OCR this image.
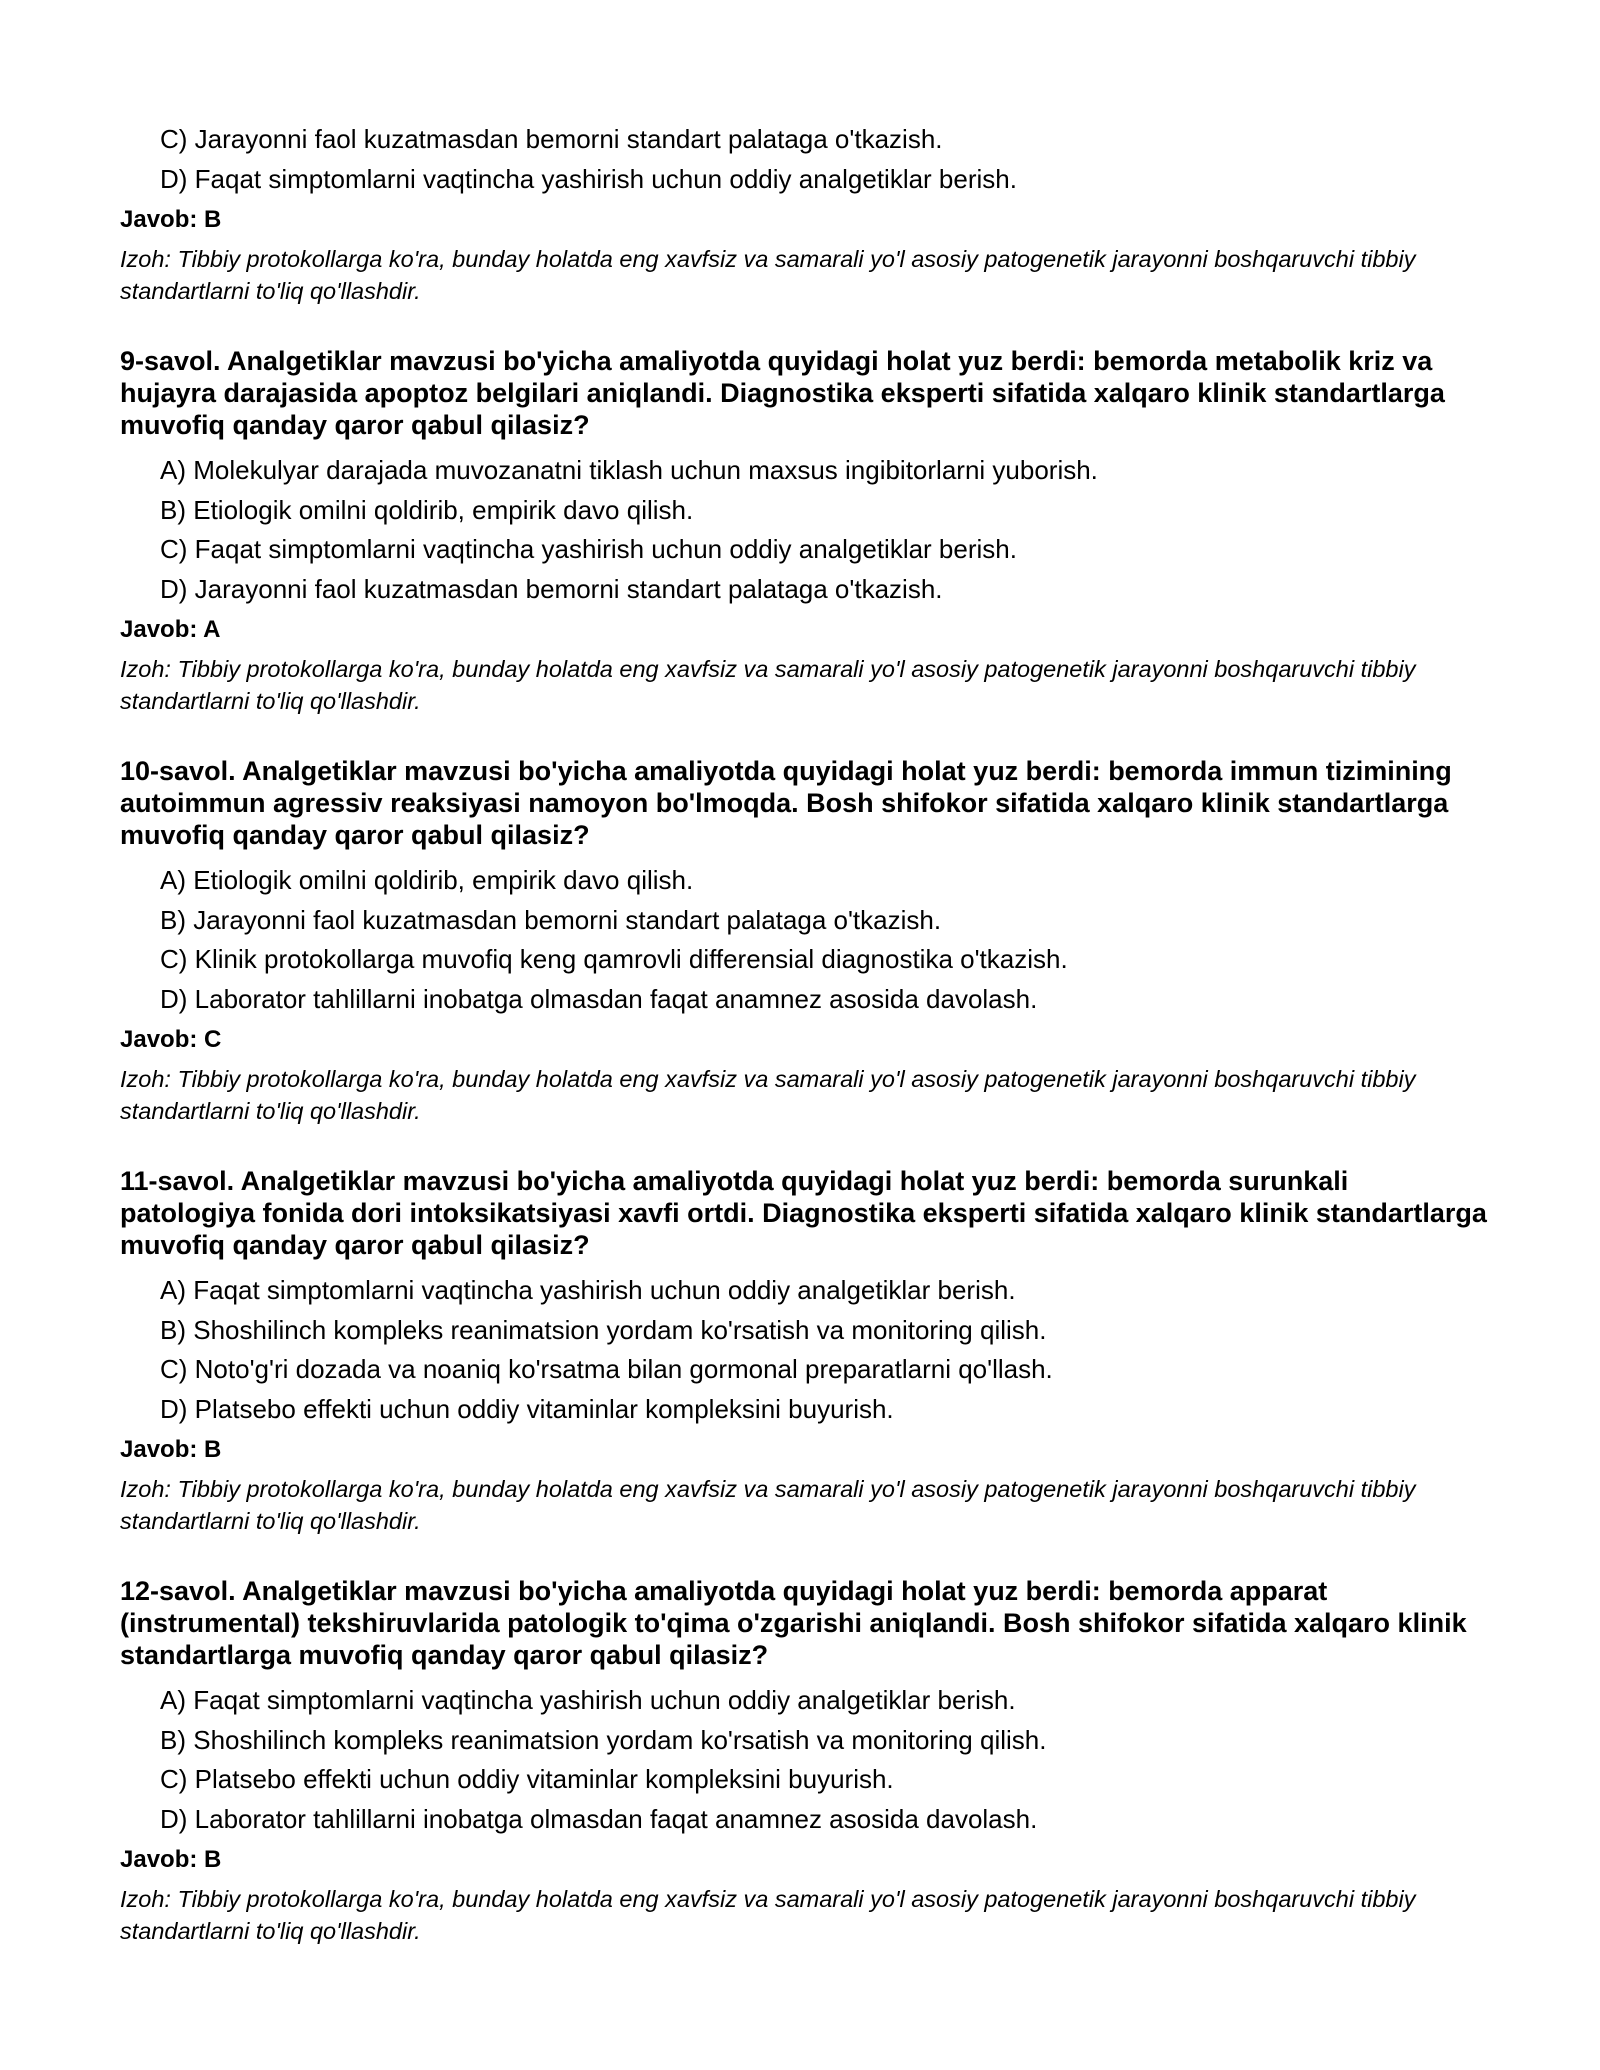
C) Jarayonni faol kuzatmasdan bemorni standart palataga o'tkazish.
D) Faqat simptomlarni vaqtincha yashirish uchun oddiy analgetiklar berish.
Javob: B
Izoh: Tibbiy protokollarga ko'ra, bunday holatda eng xavfsiz va samarali yo'l asosiy patogenetik jarayonni boshqaruvchi tibbiy standartlarni to'liq qo'llashdir.
9-savol. Analgetiklar mavzusi bo'yicha amaliyotda quyidagi holat yuz berdi: bemorda metabolik kriz va hujayra darajasida apoptoz belgilari aniqlandi. Diagnostika eksperti sifatida xalqaro klinik standartlarga muvofiq qanday qaror qabul qilasiz?
A) Molekulyar darajada muvozanatni tiklash uchun maxsus ingibitorlarni yuborish.
B) Etiologik omilni qoldirib, empirik davo qilish.
C) Faqat simptomlarni vaqtincha yashirish uchun oddiy analgetiklar berish.
D) Jarayonni faol kuzatmasdan bemorni standart palataga o'tkazish.
Javob: A
Izoh: Tibbiy protokollarga ko'ra, bunday holatda eng xavfsiz va samarali yo'l asosiy patogenetik jarayonni boshqaruvchi tibbiy standartlarni to'liq qo'llashdir.
10-savol. Analgetiklar mavzusi bo'yicha amaliyotda quyidagi holat yuz berdi: bemorda immun tizimining autoimmun agressiv reaksiyasi namoyon bo'lmoqda. Bosh shifokor sifatida xalqaro klinik standartlarga muvofiq qanday qaror qabul qilasiz?
A) Etiologik omilni qoldirib, empirik davo qilish.
B) Jarayonni faol kuzatmasdan bemorni standart palataga o'tkazish.
C) Klinik protokollarga muvofiq keng qamrovli differensial diagnostika o'tkazish.
D) Laborator tahlillarni inobatga olmasdan faqat anamnez asosida davolash.
Javob: C
Izoh: Tibbiy protokollarga ko'ra, bunday holatda eng xavfsiz va samarali yo'l asosiy patogenetik jarayonni boshqaruvchi tibbiy standartlarni to'liq qo'llashdir.
11-savol. Analgetiklar mavzusi bo'yicha amaliyotda quyidagi holat yuz berdi: bemorda surunkali patologiya fonida dori intoksikatsiyasi xavfi ortdi. Diagnostika eksperti sifatida xalqaro klinik standartlarga muvofiq qanday qaror qabul qilasiz?
A) Faqat simptomlarni vaqtincha yashirish uchun oddiy analgetiklar berish.
B) Shoshilinch kompleks reanimatsion yordam ko'rsatish va monitoring qilish.
C) Noto'g'ri dozada va noaniq ko'rsatma bilan gormonal preparatlarni qo'llash.
D) Platsebo effekti uchun oddiy vitaminlar kompleksini buyurish.
Javob: B
Izoh: Tibbiy protokollarga ko'ra, bunday holatda eng xavfsiz va samarali yo'l asosiy patogenetik jarayonni boshqaruvchi tibbiy standartlarni to'liq qo'llashdir.
12-savol. Analgetiklar mavzusi bo'yicha amaliyotda quyidagi holat yuz berdi: bemorda apparat (instrumental) tekshiruvlarida patologik to'qima o'zgarishi aniqlandi. Bosh shifokor sifatida xalqaro klinik standartlarga muvofiq qanday qaror qabul qilasiz?
A) Faqat simptomlarni vaqtincha yashirish uchun oddiy analgetiklar berish.
B) Shoshilinch kompleks reanimatsion yordam ko'rsatish va monitoring qilish.
C) Platsebo effekti uchun oddiy vitaminlar kompleksini buyurish.
D) Laborator tahlillarni inobatga olmasdan faqat anamnez asosida davolash.
Javob: B
Izoh: Tibbiy protokollarga ko'ra, bunday holatda eng xavfsiz va samarali yo'l asosiy patogenetik jarayonni boshqaruvchi tibbiy standartlarni to'liq qo'llashdir.
